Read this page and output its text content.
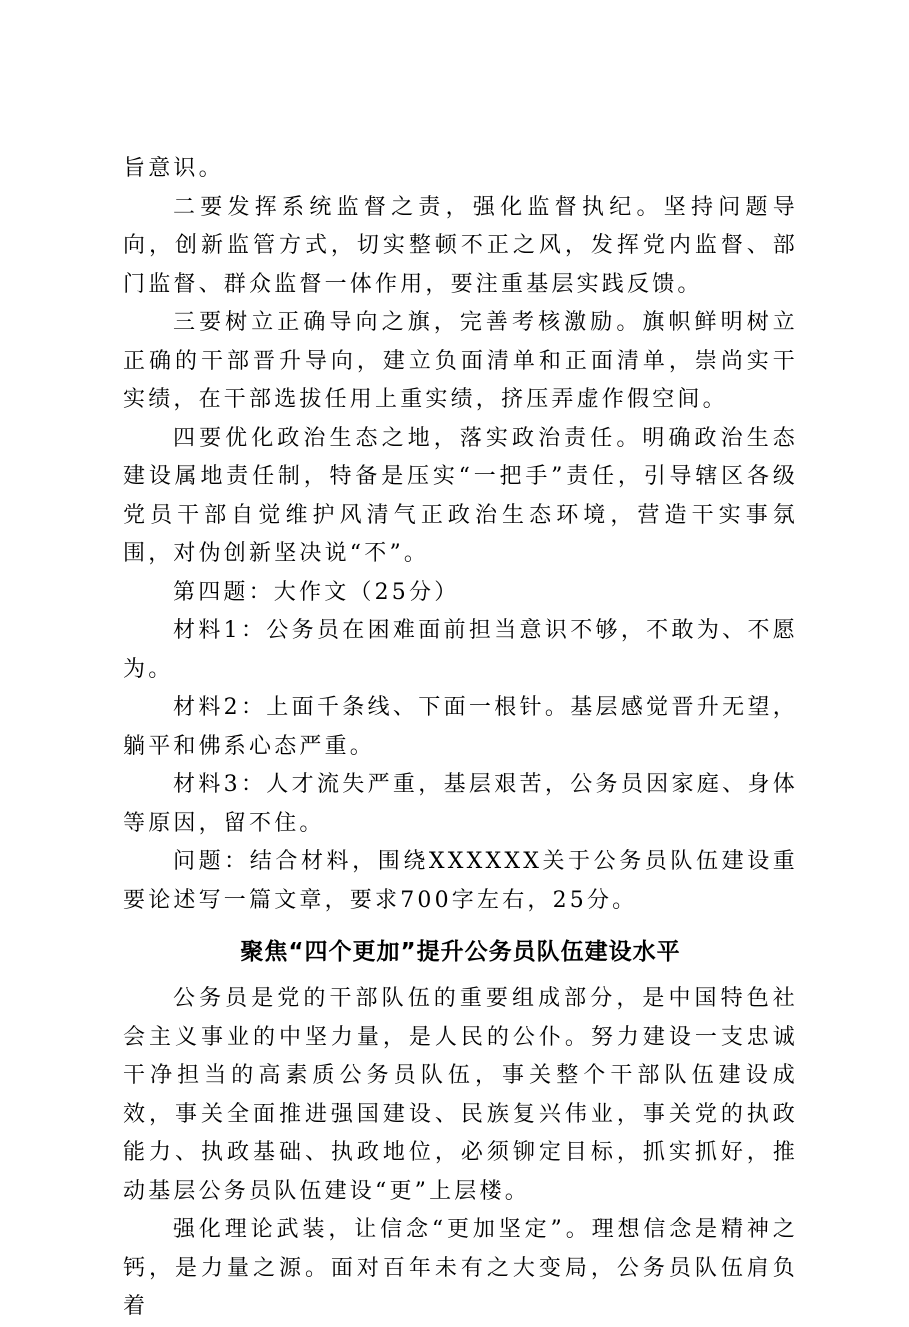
旨意识。

二要发挥系统监督之责，强化监督执纪。坚持问题导向，创新监管方式，切实整顿不正之风，发挥党内监督、部门监督、群众监督一体作用，要注重基层实践反馈。

三要树立正确导向之旗，完善考核激励。旗帜鲜明树立正确的干部晋升导向，建立负面清单和正面清单，崇尚实干实绩，在干部选拔任用上重实绩，挤压弄虚作假空间。

四要优化政治生态之地，落实政治责任。明确政治生态建设属地责任制，特备是压实“一把手”责任，引导辖区各级党员干部自觉维护风清气正政治生态环境，营造干实事氛围，对伪创新坚决说“不”。

第四题：大作文（25分）

材料1：公务员在困难面前担当意识不够，不敢为、不愿为。

材料2：上面千条线、下面一根针。基层感觉晋升无望，躺平和佛系心态严重。

材料3：人才流失严重，基层艰苦，公务员因家庭、身体等原因，留不住。

问题：结合材料，围绕XXXXXX关于公务员队伍建设重要论述写一篇文章，要求700字左右，25分。

聚焦“四个更加”提升公务员队伍建设水平

公务员是党的干部队伍的重要组成部分，是中国特色社会主义事业的中坚力量，是人民的公仆。努力建设一支忠诚干净担当的高素质公务员队伍，事关整个干部队伍建设成效，事关全面推进强国建设、民族复兴伟业，事关党的执政能力、执政基础、执政地位，必须铆定目标，抓实抓好，推动基层公务员队伍建设“更”上层楼。

强化理论武装，让信念“更加坚定”。理想信念是精神之钙，是力量之源。面对百年未有之大变局，公务员队伍肩负着
